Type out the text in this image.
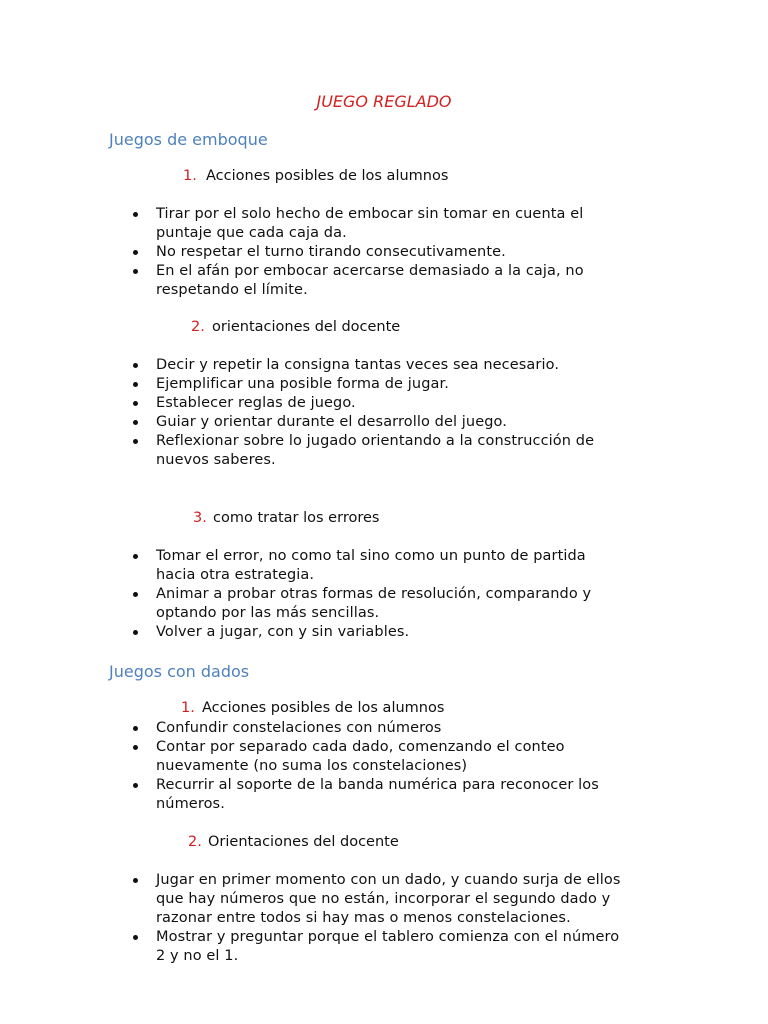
JUEGO REGLADO
Juegos de emboque
1. Acciones posibles de los alumnos
Tirar por el solo hecho de embocar sin tomar en cuenta el puntaje que cada caja da.
No respetar el turno tirando consecutivamente.
En el afán por embocar acercarse demasiado a la caja, no respetando el límite.
2. orientaciones del docente
Decir y repetir la consigna tantas veces sea necesario.
Ejemplificar una posible forma de jugar.
Establecer reglas de juego.
Guiar y orientar durante el desarrollo del juego.
Reflexionar sobre lo jugado orientando a la construcción de nuevos saberes.
3. como tratar los errores
Tomar el error, no como tal sino como un punto de partida hacia otra estrategia.
Animar a probar otras formas de resolución, comparando y optando por las más sencillas.
Volver a jugar, con y sin variables.
Juegos con dados
1. Acciones posibles de los alumnos
Confundir constelaciones con números
Contar por separado cada dado, comenzando el conteo nuevamente (no suma los constelaciones)
Recurrir al soporte de la banda numérica para reconocer los números.
2. Orientaciones del docente
Jugar en primer momento con un dado, y cuando surja de ellos que hay números que no están, incorporar el segundo dado y razonar entre todos si hay mas o menos constelaciones.
Mostrar y preguntar porque el tablero comienza con el número 2 y no el 1.
